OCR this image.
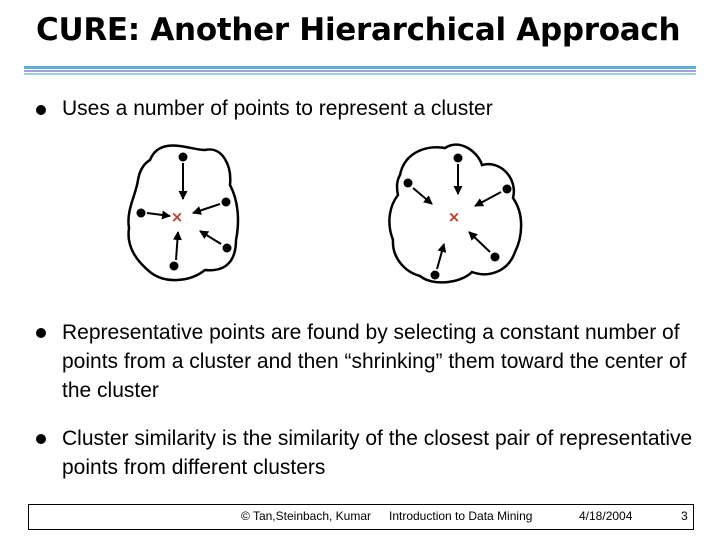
CURE: Another Hierarchical Approach
Uses a number of points to represent a cluster
×	×
Representative points are found by selecting a constant number of points from a cluster and then “shrinking” them toward the center of the cluster
Cluster similarity is the similarity of the closest pair of representative points from different clusters
© Tan,Steinbach, Kumar Introduction to Data Mining	4/18/2004	3
